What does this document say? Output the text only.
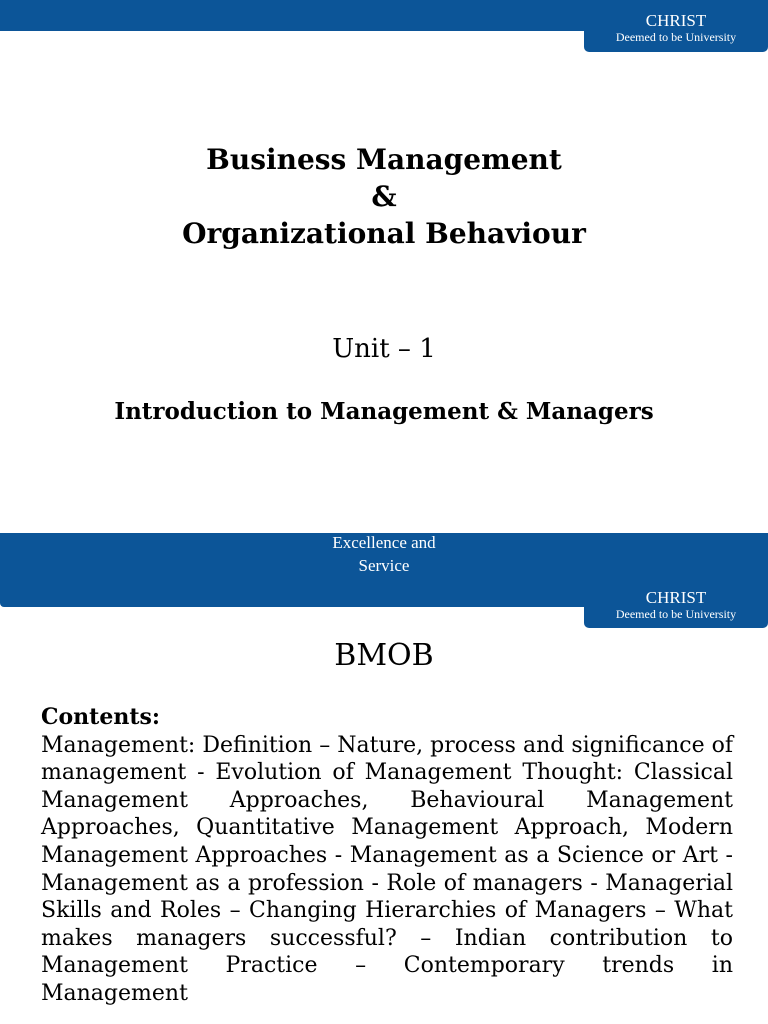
CHRIST
Deemed to be University
Business Management
&
Organizational Behaviour
Unit – 1
Introduction to Management & Managers
Excellence and
Service
CHRIST
Deemed to be University
BMOB
Contents:
Management: Definition – Nature, process and significance of management - Evolution of Management Thought: Classical Management Approaches, Behavioural Management Approaches, Quantitative Management Approach, Modern Management Approaches - Management as a Science or Art - Management as a profession - Role of managers - Managerial Skills and Roles – Changing Hierarchies of Managers – What makes managers successful? – Indian contribution to Management Practice – Contemporary trends in Management
